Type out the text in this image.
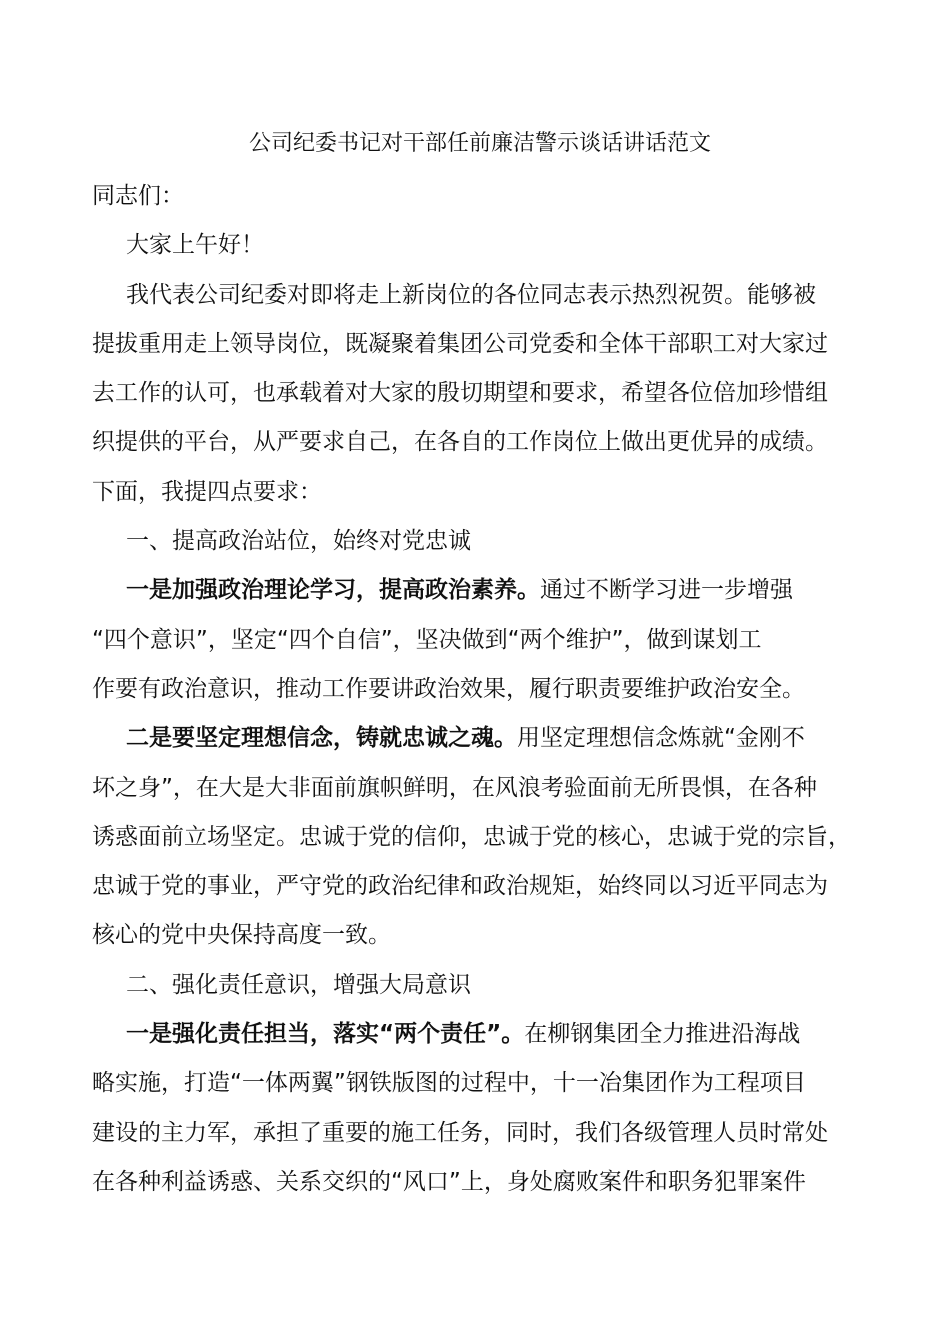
公司纪委书记对干部任前廉洁警示谈话讲话范文

同志们：

大家上午好！

我代表公司纪委对即将走上新岗位的各位同志表示热烈祝贺。能够被

提拔重用走上领导岗位，既凝聚着集团公司党委和全体干部职工对大家过

去工作的认可，也承载着对大家的殷切期望和要求，希望各位倍加珍惜组

织提供的平台，从严要求自己，在各自的工作岗位上做出更优异的成绩。

下面，我提四点要求：

一、提高政治站位，始终对党忠诚

一是加强政治理论学习，提高政治素养。通过不断学习进一步增强

“四个意识”，坚定“四个自信”，坚决做到“两个维护”，做到谋划工

作要有政治意识，推动工作要讲政治效果，履行职责要维护政治安全。

二是要坚定理想信念，铸就忠诚之魂。用坚定理想信念炼就“金刚不

坏之身”，在大是大非面前旗帜鲜明，在风浪考验面前无所畏惧，在各种

诱惑面前立场坚定。忠诚于党的信仰，忠诚于党的核心，忠诚于党的宗旨，

忠诚于党的事业，严守党的政治纪律和政治规矩，始终同以习近平同志为

核心的党中央保持高度一致。

二、强化责任意识，增强大局意识

一是强化责任担当，落实“两个责任”。在柳钢集团全力推进沿海战

略实施，打造“一体两翼”钢铁版图的过程中，十一冶集团作为工程项目

建设的主力军，承担了重要的施工任务，同时，我们各级管理人员时常处

在各种利益诱惑、关系交织的“风口”上，身处腐败案件和职务犯罪案件
